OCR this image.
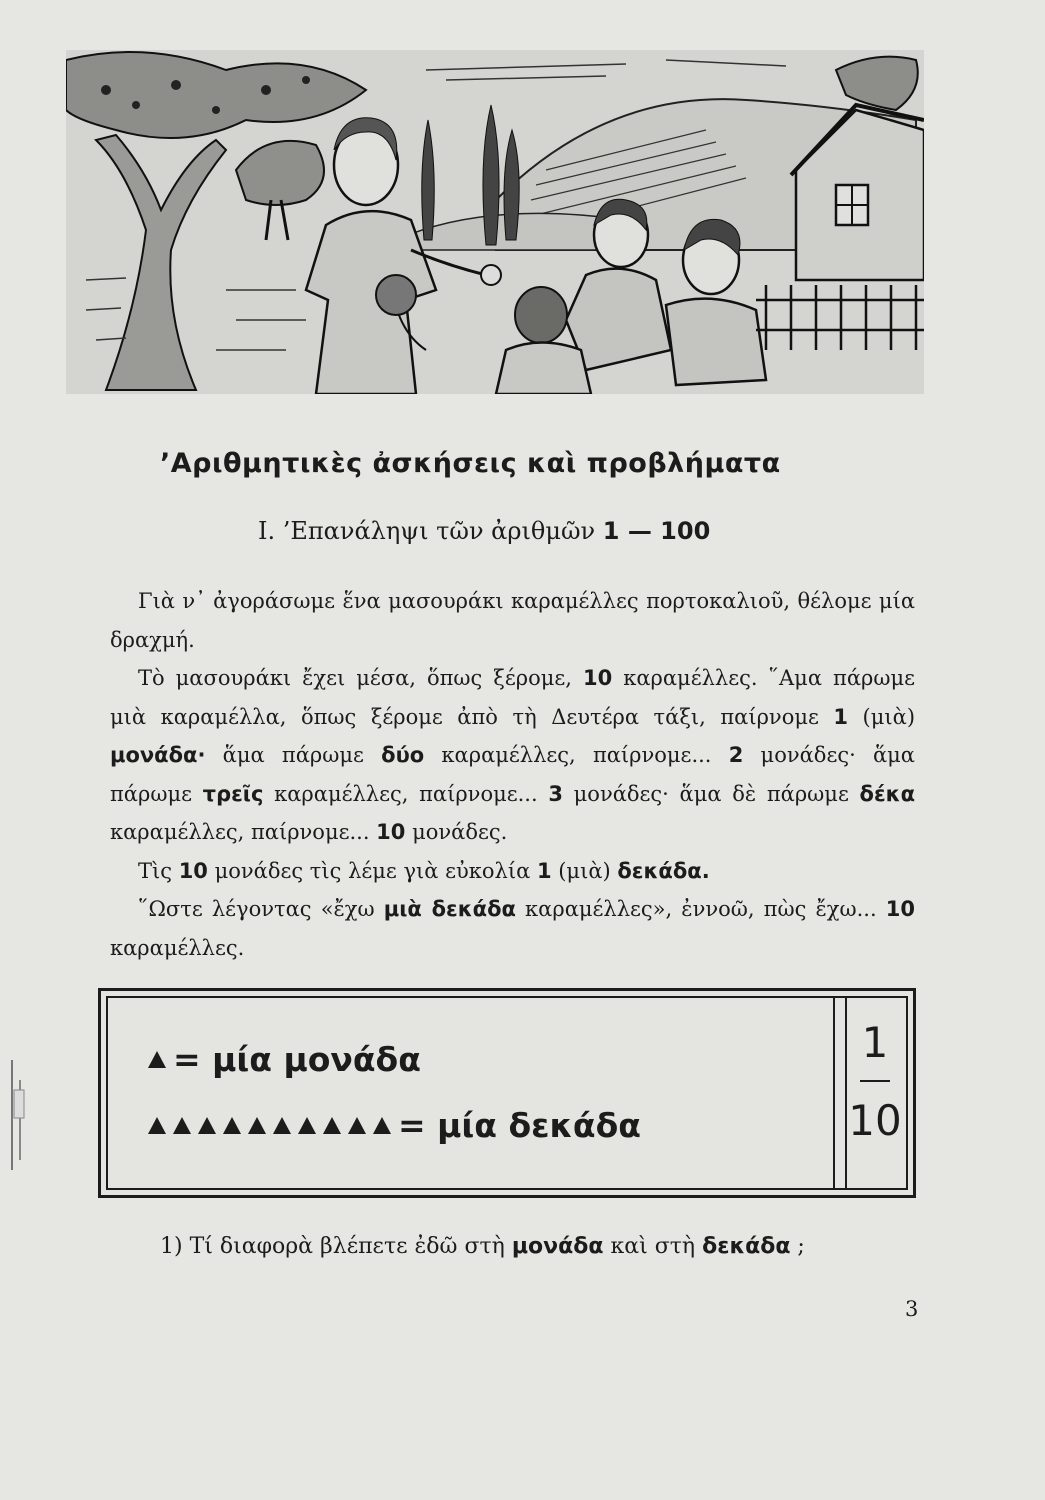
’Αριθμητικὲς ἀσκήσεις καὶ προβλήματα
Ι. ’Επανάληψι τῶν ἀριθμῶν 1 — 100

Γιὰ ν᾿ ἀγοράσωμε ἕνα μασουράκι καραμέλλες πορτοκαλιοῦ, θέλομε μία δραχμή.

Τὸ μασουράκι ἔχει μέσα, ὅπως ξέρομε, 10 καραμέλλες. ῞Αμα πάρωμε μιὰ καραμέλλα, ὅπως ξέρομε ἀπὸ τὴ Δευτέρα τάξι, παίρνομε 1 (μιὰ) μονάδα· ἅμα πάρωμε δύο καραμέλλες, παίρνομε... 2 μονάδες· ἅμα πάρωμε τρεῖς καραμέλλες, παίρνομε... 3 μονάδες· ἅμα δὲ πάρωμε δέκα καραμέλλες, παίρνομε... 10 μονάδες.

Τὶς 10 μονάδες τὶς λέμε γιὰ εὐκολία 1 (μιὰ) δεκάδα.

῞Ωστε λέγοντας «ἔχω μιὰ δεκάδα καραμέλλες», ἐννοῶ, πὼς ἔχω... 10 καραμέλλες.

= μία μονάδα
= μία δεκάδα
1
10
1) Τί διαφορὰ βλέπετε ἐδῶ στὴ μονάδα καὶ στὴ δεκάδα ;
3
